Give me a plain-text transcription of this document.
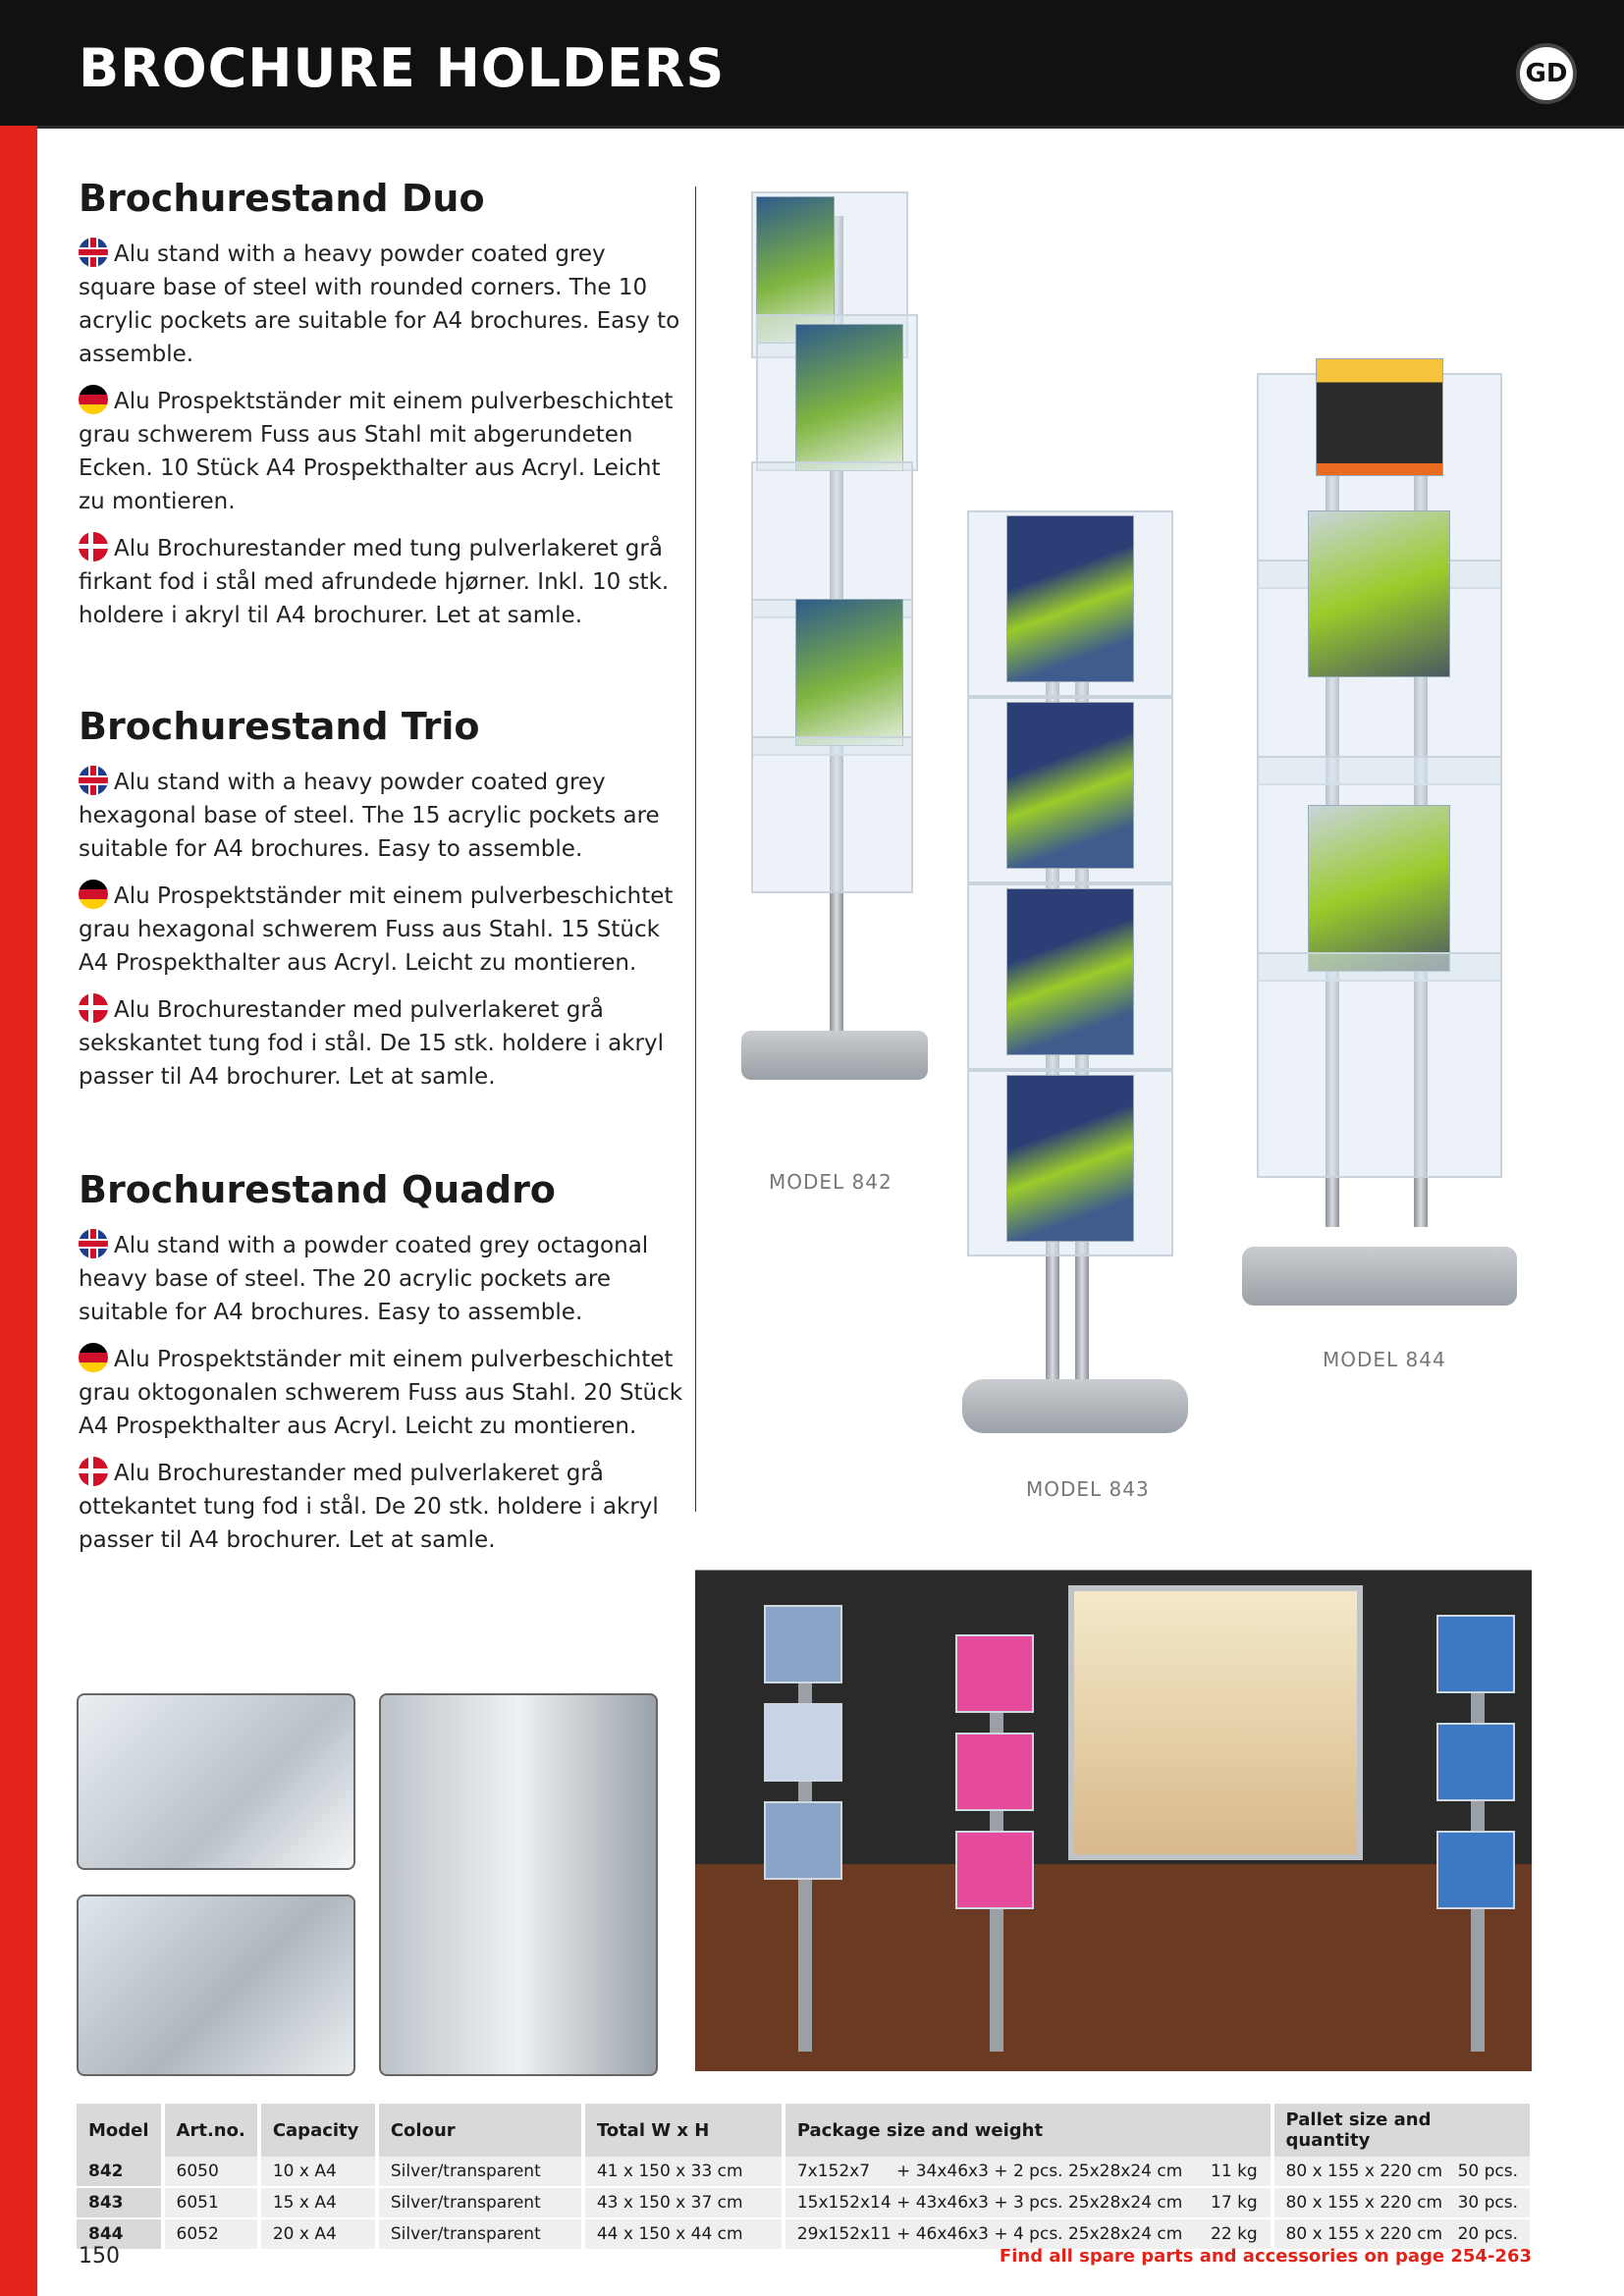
BROCHURE HOLDERS	GD
Brochurestand Duo

Alu stand with a heavy powder coated grey square base of steel with rounded corners. The 10 acrylic pockets are suitable for A4 brochures. Easy to assemble.

Alu Prospektständer mit einem pulverbeschichtet grau schwerem Fuss aus Stahl mit abgerundeten Ecken. 10 Stück A4 Prospekthalter aus Acryl. Leicht zu montieren.

Alu Brochurestander med tung pulverlakeret grå firkant fod i stål med afrundede hjørner. Inkl. 10 stk. holdere i akryl til A4 brochurer. Let at samle.

Brochurestand Trio

Alu stand with a heavy powder coated grey hexagonal base of steel. The 15 acrylic pockets are suitable for A4 brochures. Easy to assemble.

Alu Prospektständer mit einem pulverbeschichtet grau hexagonal schwerem Fuss aus Stahl. 15 Stück A4 Prospekthalter aus Acryl. Leicht zu montieren.

Alu Brochurestander med pulverlakeret grå sekskantet tung fod i stål. De 15 stk. holdere i akryl passer til A4 brochurer. Let at samle.

Brochurestand Quadro

Alu stand with a powder coated grey octagonal heavy base of steel. The 20 acrylic pockets are suitable for A4 brochures. Easy to assemble.

Alu Prospektständer mit einem pulverbeschichtet grau oktogonalen schwerem Fuss aus Stahl. 20 Stück A4 Prospekthalter aus Acryl. Leicht zu montieren.

Alu Brochurestander med pulverlakeret grå ottekantet tung fod i stål. De 20 stk. holdere i akryl passer til A4 brochurer. Let at samle.

MODEL 842
MODEL 843
MODEL 844
Model	Art.no.	Capacity	Colour	Total W x H	Package size and weight		Pallet size and quantity
842	6050	10 x A4	Silver/transparent	41 x 150 x 33 cm	7x152x7     + 34x46x3 + 2 pcs. 25x28x24 cm	11 kg	80 x 155 x 220 cm 50 pcs.

843	6051	15 x A4	Silver/transparent	43 x 150 x 37 cm	15x152x14 + 43x46x3 + 3 pcs. 25x28x24 cm	17 kg	80 x 155 x 220 cm 30 pcs.

844	6052	20 x A4	Silver/transparent	44 x 150 x 44 cm	29x152x11 + 46x46x3 + 4 pcs. 25x28x24 cm	22 kg	80 x 155 x 220 cm 20 pcs.
150	Find all spare parts and accessories on page 254-263
